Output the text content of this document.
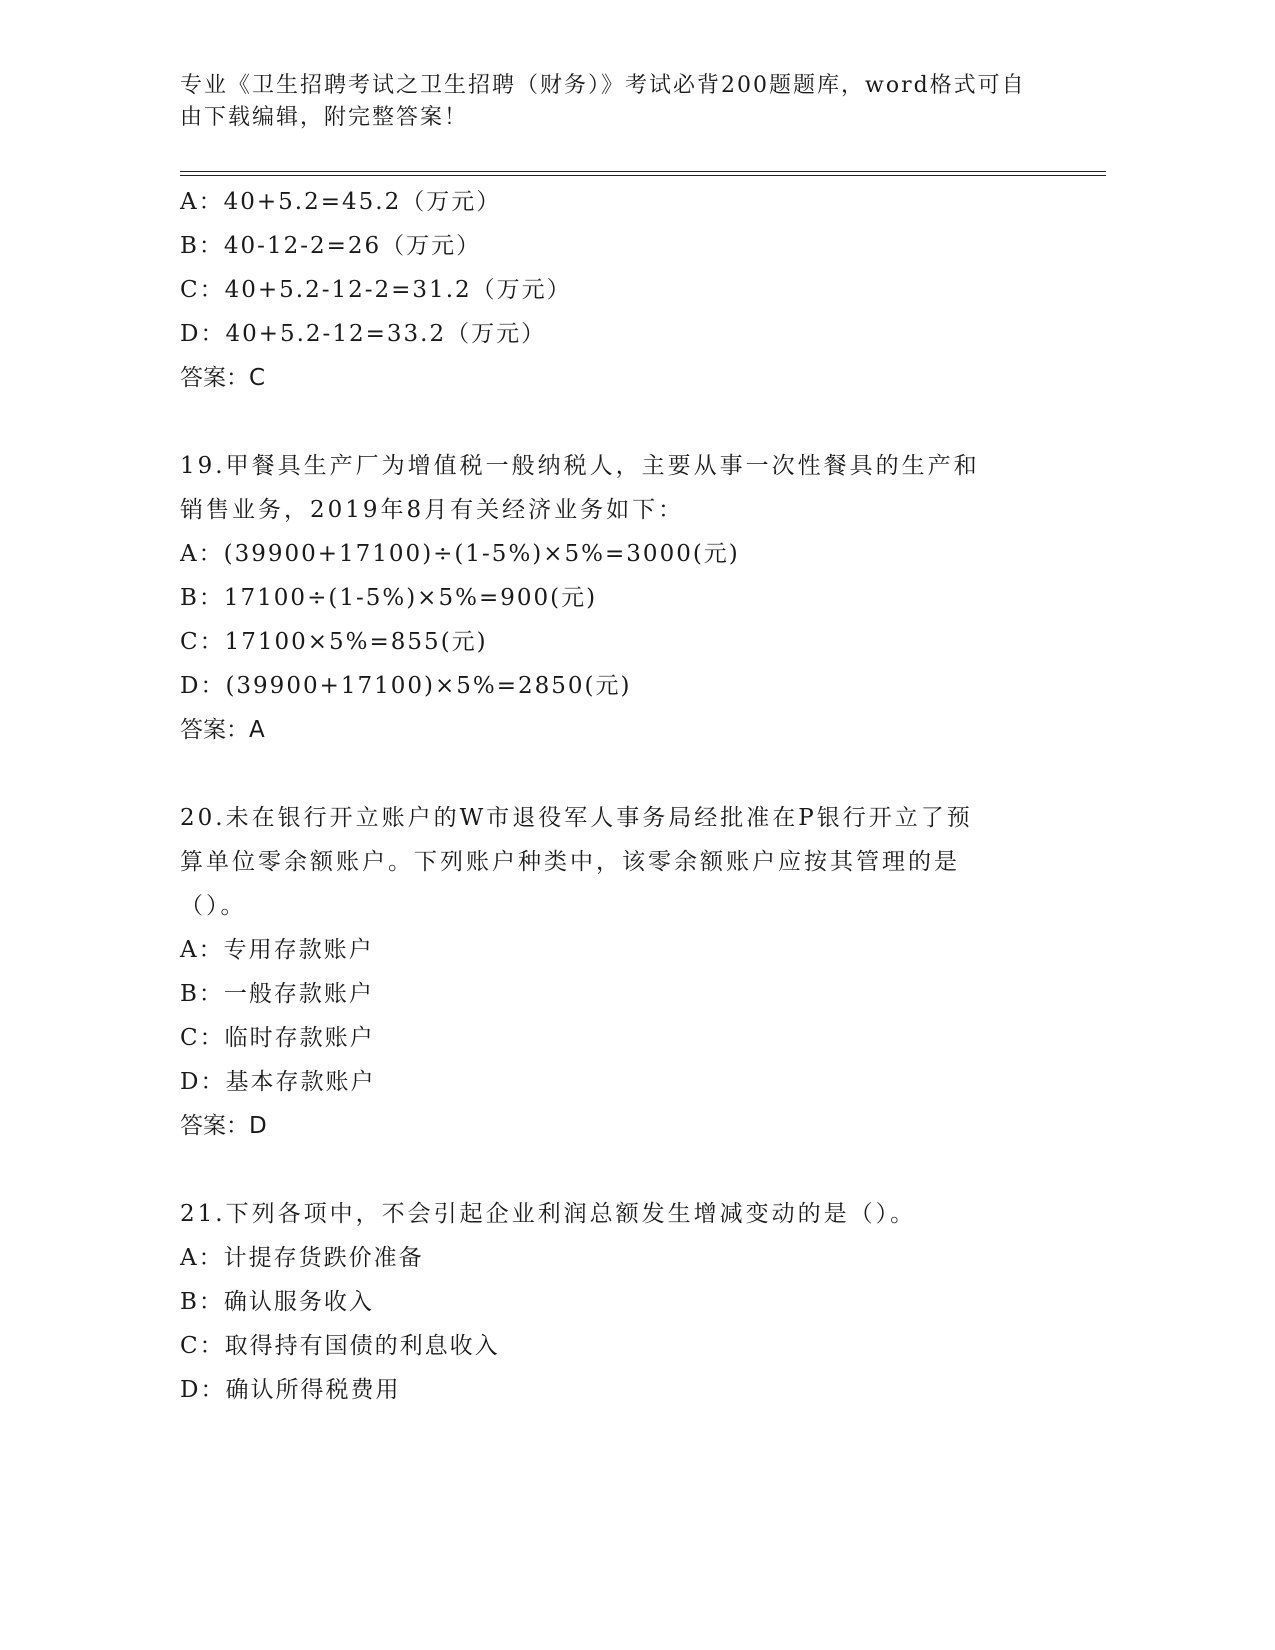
专业《卫生招聘考试之卫生招聘（财务）》考试必背200题题库，word格式可自
由下载编辑，附完整答案！
A：40+5.2=45.2（万元）
B：40-12-2=26（万元）
C：40+5.2-12-2=31.2（万元）
D：40+5.2-12=33.2（万元）
答案：C
19.甲餐具生产厂为增值税一般纳税人，主要从事一次性餐具的生产和
销售业务，2019年8月有关经济业务如下：
A：(39900+17100)÷(1-5%)×5%=3000(元)
B：17100÷(1-5%)×5%=900(元)
C：17100×5%=855(元)
D：(39900+17100)×5%=2850(元)
答案：A
20.未在银行开立账户的W市退役军人事务局经批准在P银行开立了预
算单位零余额账户。下列账户种类中，该零余额账户应按其管理的是
（）。
A：专用存款账户
B：一般存款账户
C：临时存款账户
D：基本存款账户
答案：D
21.下列各项中，不会引起企业利润总额发生增减变动的是（）。
A：计提存货跌价准备
B：确认服务收入
C：取得持有国债的利息收入
D：确认所得税费用
